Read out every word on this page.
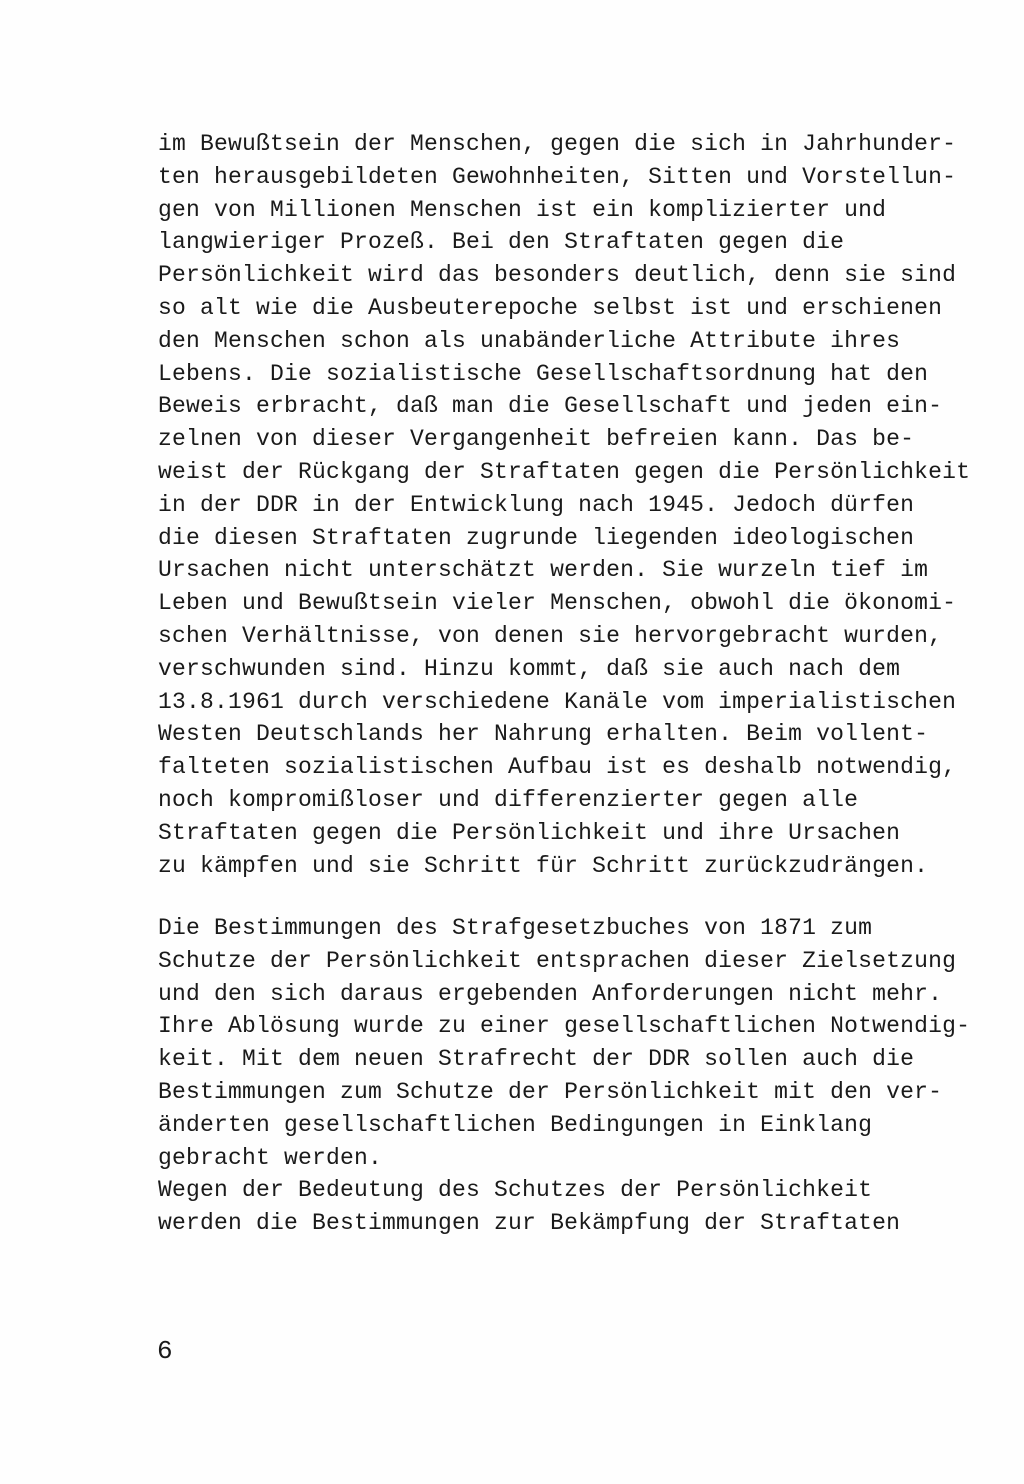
im Bewußtsein der Menschen, gegen die sich in Jahrhunder-
ten herausgebildeten Gewohnheiten, Sitten und Vorstellun-
gen von Millionen Menschen ist ein komplizierter und
langwieriger Prozeß. Bei den Straftaten gegen die
Persönlichkeit wird das besonders deutlich, denn sie sind
so alt wie die Ausbeuterepoche selbst ist und erschienen
den Menschen schon als unabänderliche Attribute ihres
Lebens. Die sozialistische Gesellschaftsordnung hat den
Beweis erbracht, daß man die Gesellschaft und jeden ein-
zelnen von dieser Vergangenheit befreien kann. Das be-
weist der Rückgang der Straftaten gegen die Persönlichkeit
in der DDR in der Entwicklung nach 1945. Jedoch dürfen
die diesen Straftaten zugrunde liegenden ideologischen
Ursachen nicht unterschätzt werden. Sie wurzeln tief im
Leben und Bewußtsein vieler Menschen, obwohl die ökonomi-
schen Verhältnisse, von denen sie hervorgebracht wurden,
verschwunden sind. Hinzu kommt, daß sie auch nach dem
13.8.1961 durch verschiedene Kanäle vom imperialistischen
Westen Deutschlands her Nahrung erhalten. Beim vollent-
falteten sozialistischen Aufbau ist es deshalb notwendig,
noch kompromißloser und differenzierter gegen alle
Straftaten gegen die Persönlichkeit und ihre Ursachen
zu kämpfen und sie Schritt für Schritt zurückzudrängen.
Die Bestimmungen des Strafgesetzbuches von 1871 zum
Schutze der Persönlichkeit entsprachen dieser Zielsetzung
und den sich daraus ergebenden Anforderungen nicht mehr.
Ihre Ablösung wurde zu einer gesellschaftlichen Notwendig-
keit. Mit dem neuen Strafrecht der DDR sollen auch die
Bestimmungen zum Schutze der Persönlichkeit mit den ver-
änderten gesellschaftlichen Bedingungen in Einklang
gebracht werden.
Wegen der Bedeutung des Schutzes der Persönlichkeit
werden die Bestimmungen zur Bekämpfung der Straftaten
6
